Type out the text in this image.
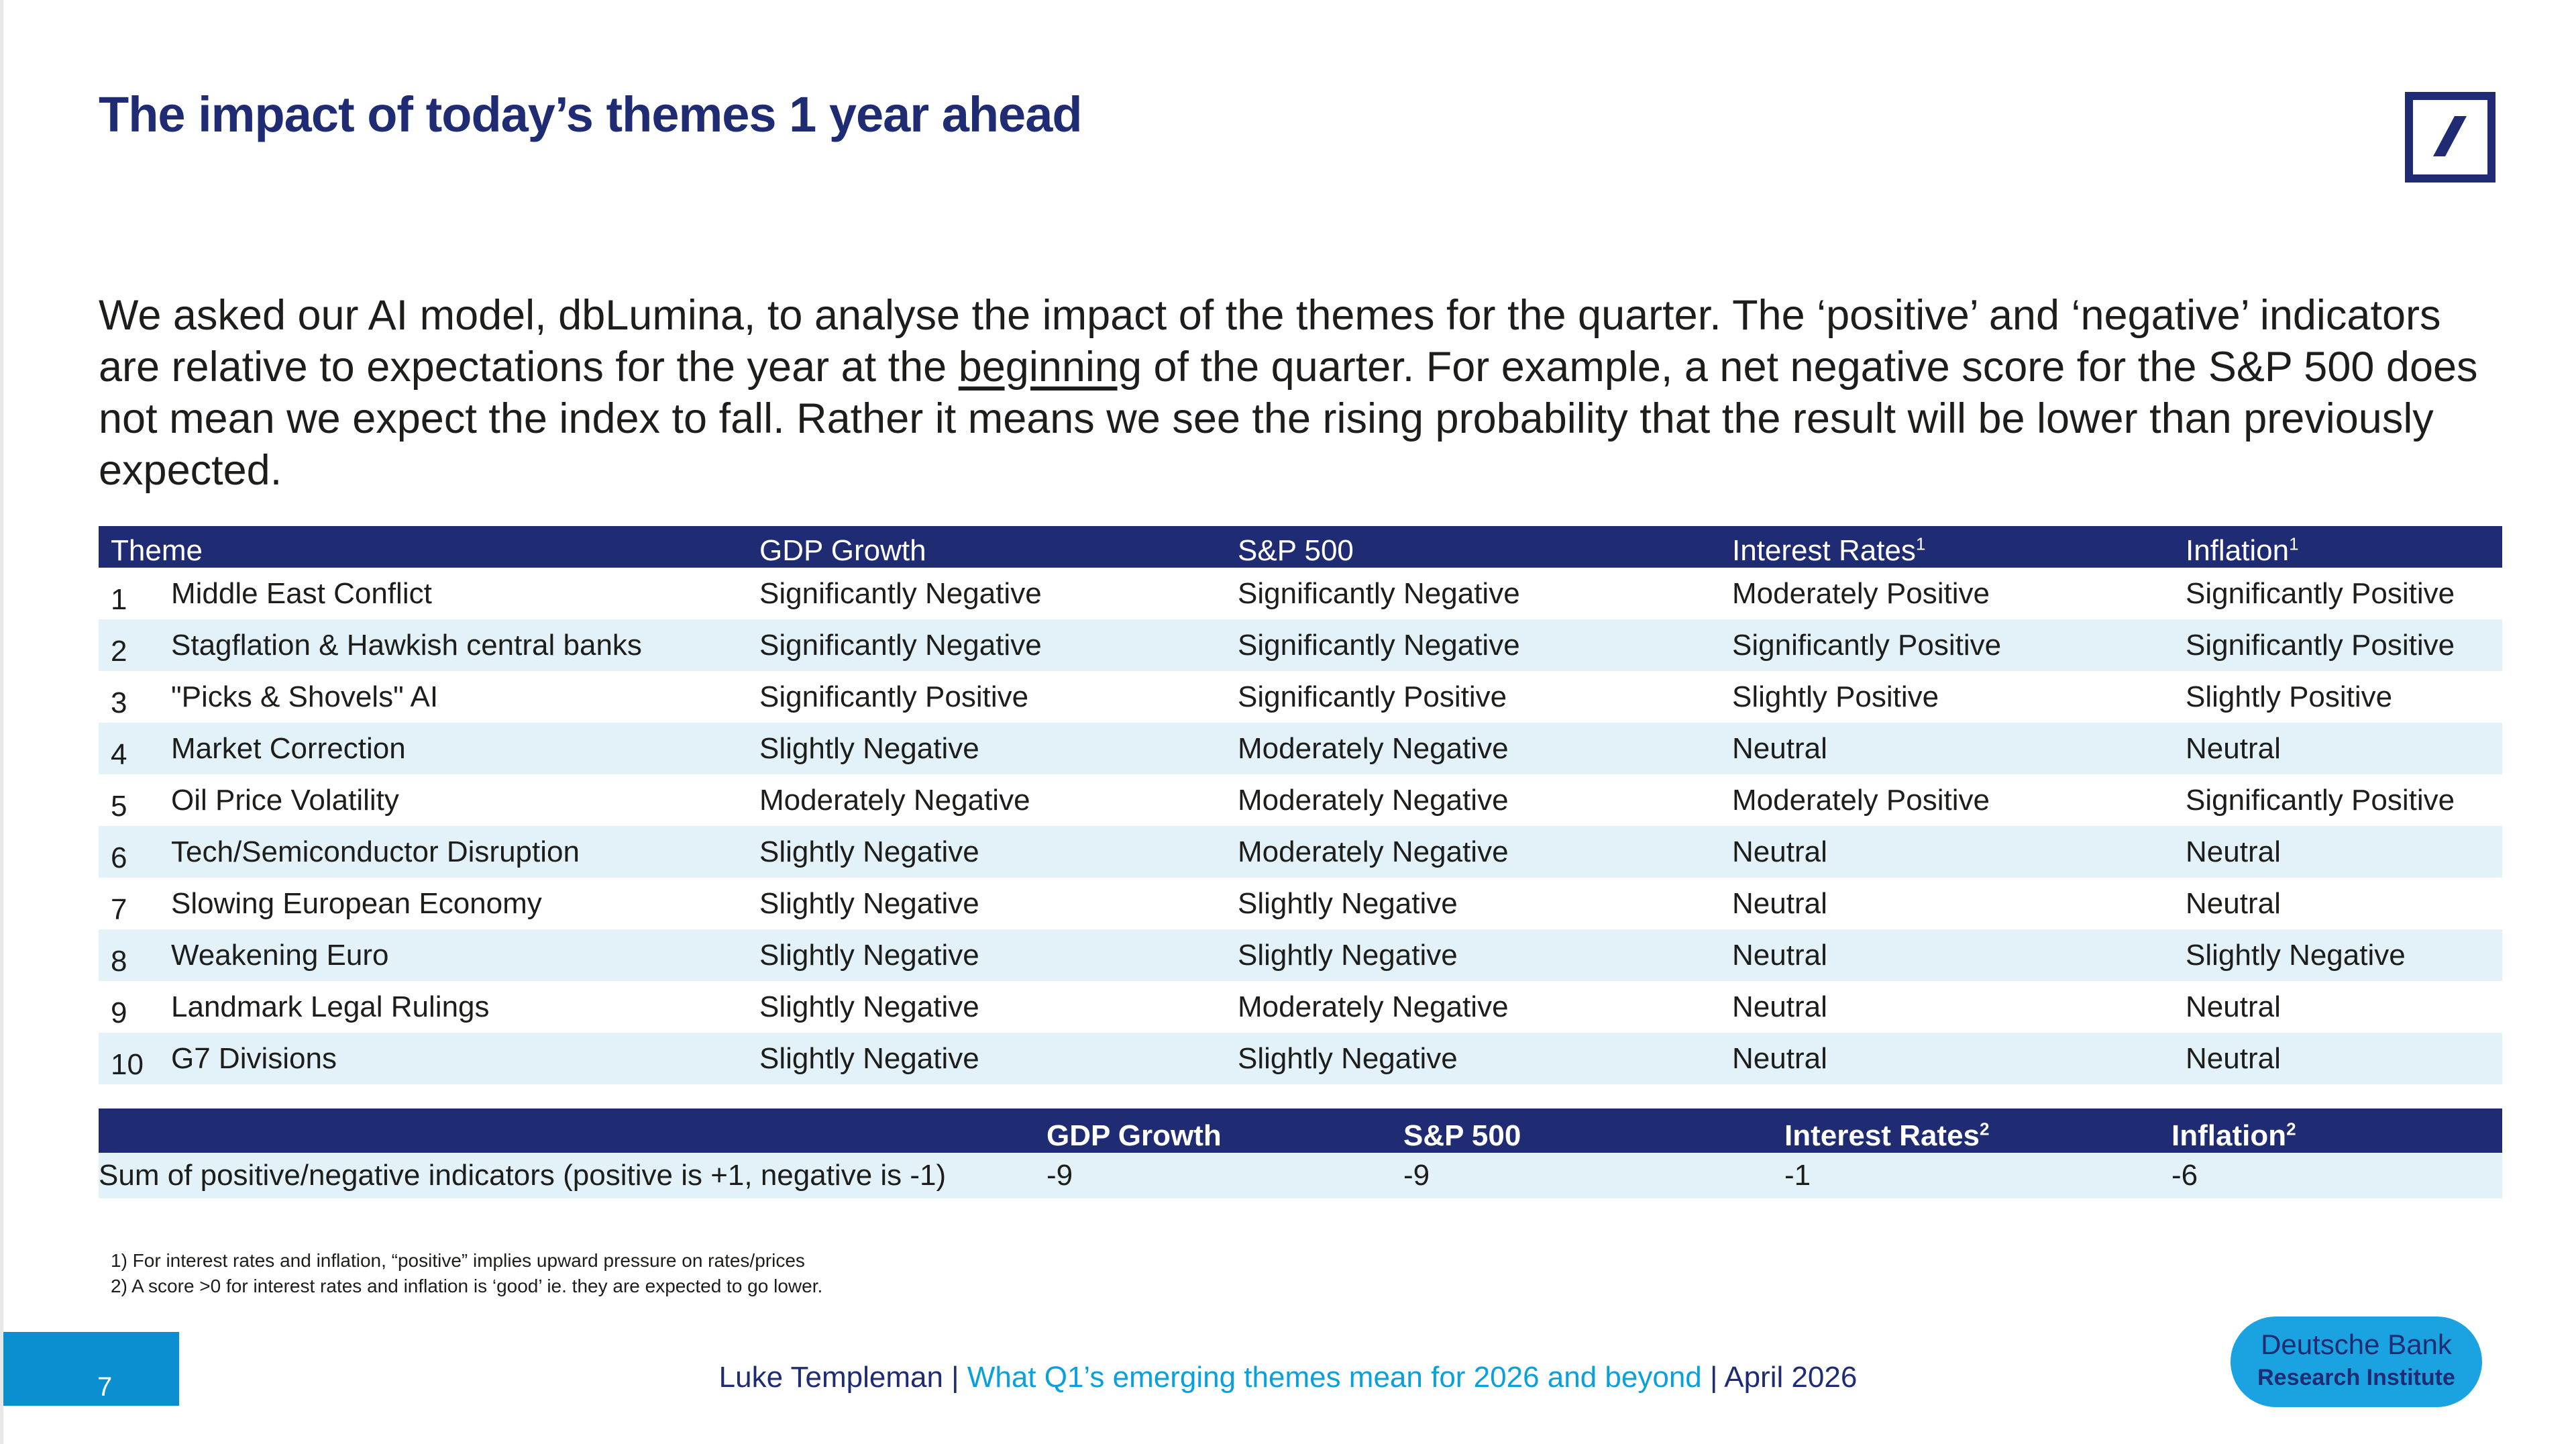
The impact of today’s themes 1 year ahead

We asked our AI model, dbLumina, to analyse the impact of the themes for the quarter. The ‘positive’ and ‘negative’ indicators are relative to expectations for the year at the beginning of the quarter. For example, a net negative score for the S&P 500 does not mean we expect the index to fall. Rather it means we see the rising probability that the result will be lower than previously expected.

Theme		GDP Growth	S&P 500	Interest Rates$^1$	Inflation$^1$
1	Middle East Conflict	Significantly Negative	Significantly Negative	Moderately Positive	Significantly Positive
2	Stagflation & Hawkish central banks	Significantly Negative	Significantly Negative	Significantly Positive	Significantly Positive
3	"Picks & Shovels" AI	Significantly Positive	Significantly Positive	Slightly Positive	Slightly Positive
4	Market Correction	Slightly Negative	Moderately Negative	Neutral	Neutral
5	Oil Price Volatility	Moderately Negative	Moderately Negative	Moderately Positive	Significantly Positive
6	Tech/Semiconductor Disruption	Slightly Negative	Moderately Negative	Neutral	Neutral
7	Slowing European Economy	Slightly Negative	Slightly Negative	Neutral	Neutral
8	Weakening Euro	Slightly Negative	Slightly Negative	Neutral	Slightly Negative
9	Landmark Legal Rulings	Slightly Negative	Moderately Negative	Neutral	Neutral
10	G7 Divisions	Slightly Negative	Slightly Negative	Neutral	Neutral
	GDP Growth	S&P 500	Interest Rates$^2$	Inflation$^2$
Sum of positive/negative indicators (positive is +1, negative is -1)	-9	-9	-1	-6
1) For interest rates and inflation, “positive” implies upward pressure on rates/prices
2) A score >0 for interest rates and inflation is ‘good’ ie. they are expected to go lower.
7	Luke Templeman | What Q1’s emerging themes mean for 2026 and beyond | April 2026
Deutsche Bank
Research Institute
